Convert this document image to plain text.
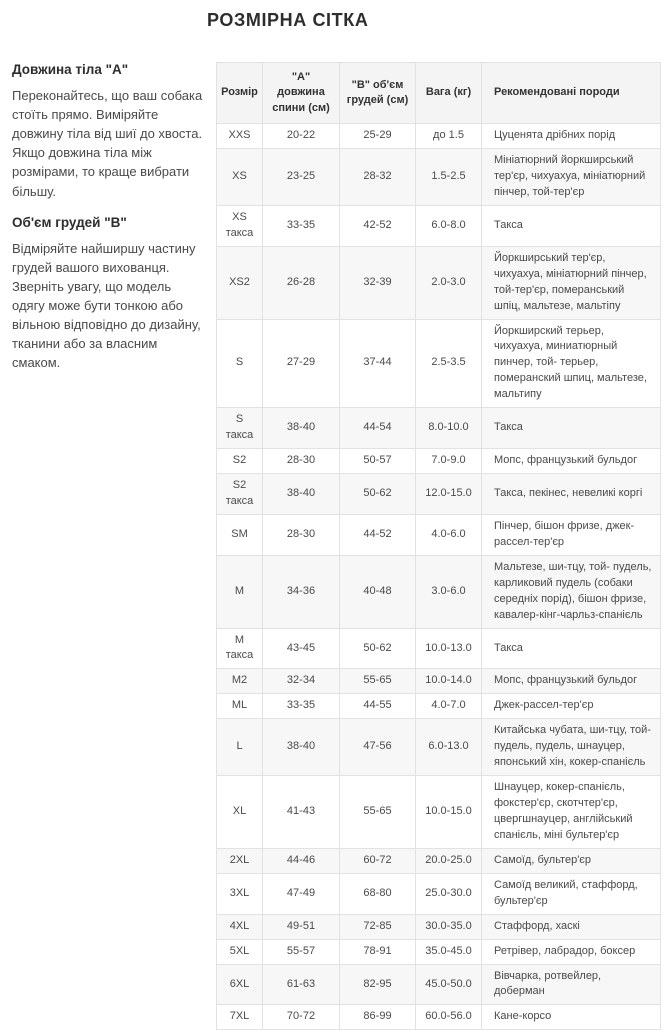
РОЗМІРНА СІТКА
Довжина тіла "А"

Переконайтесь, що ваш собака стоїть прямо. Виміряйте довжину тіла від шиї до хвоста. Якщо довжина тіла між розмірами, то краще вибрати більшу.

Об'єм грудей "В"

Відміряйте найширшу частину грудей вашого вихованця. Зверніть увагу, що модель одягу може бути тонкою або вільною відповідно до дизайну, тканини або за власним смаком.

Розмір	"А" довжина спини (см)	"В" об'єм грудей (см)	Вага (кг)	Рекомендовані породи
XXS	20-22	25-29	до 1.5	Цуценята дрібних порід
XS	23-25	28-32	1.5-2.5	Мініатюрний йоркширський тер'єр, чихуахуа, мініатюрний пінчер, той-тер'єр
XS такса	33-35	42-52	6.0-8.0	Такса
XS2	26-28	32-39	2.0-3.0	Йоркширський тер'єр, чихуахуа, мініатюрний пінчер, той-тер'єр, померанський шпіц, мальтезе, мальтіпу
S	27-29	37-44	2.5-3.5	Йоркширский терьер, чихуахуа, миниатюрный пинчер, той- терьер, померанский шпиц, мальтезе, мальтипу
S такса	38-40	44-54	8.0-10.0	Такса
S2	28-30	50-57	7.0-9.0	Мопс, французький бульдог
S2 такса	38-40	50-62	12.0-15.0	Такса, пекінес, невеликі коргі
SM	28-30	44-52	4.0-6.0	Пінчер, бішон фризе, джек-рассел-тер'єр
M	34-36	40-48	3.0-6.0	Мальтезе, ши-тцу, той- пудель, карликовий пудель (собаки середніх порід), бішон фризе, кавалер-кінг-чарльз-спанієль
M такса	43-45	50-62	10.0-13.0	Такса
M2	32-34	55-65	10.0-14.0	Мопс, французький бульдог
ML	33-35	44-55	4.0-7.0	Джек-рассел-тер'єр
L	38-40	47-56	6.0-13.0	Китайська чубата, ши-тцу, той- пудель, пудель, шнауцер, японський хін, кокер-спанієль
XL	41-43	55-65	10.0-15.0	Шнауцер, кокер-спанієль, фокстер'єр, скотчтер'єр, цвергшнауцер, англійський спанієль, міні бультер'єр
2XL	44-46	60-72	20.0-25.0	Самоїд, бультер'єр
3XL	47-49	68-80	25.0-30.0	Самоїд великий, стаффорд, бультер'єр
4XL	49-51	72-85	30.0-35.0	Стаффорд, хаскі
5XL	55-57	78-91	35.0-45.0	Ретрівер, лабрадор, боксер
6XL	61-63	82-95	45.0-50.0	Вівчарка, ротвейлер, доберман
7XL	70-72	86-99	60.0-56.0	Кане-корсо
